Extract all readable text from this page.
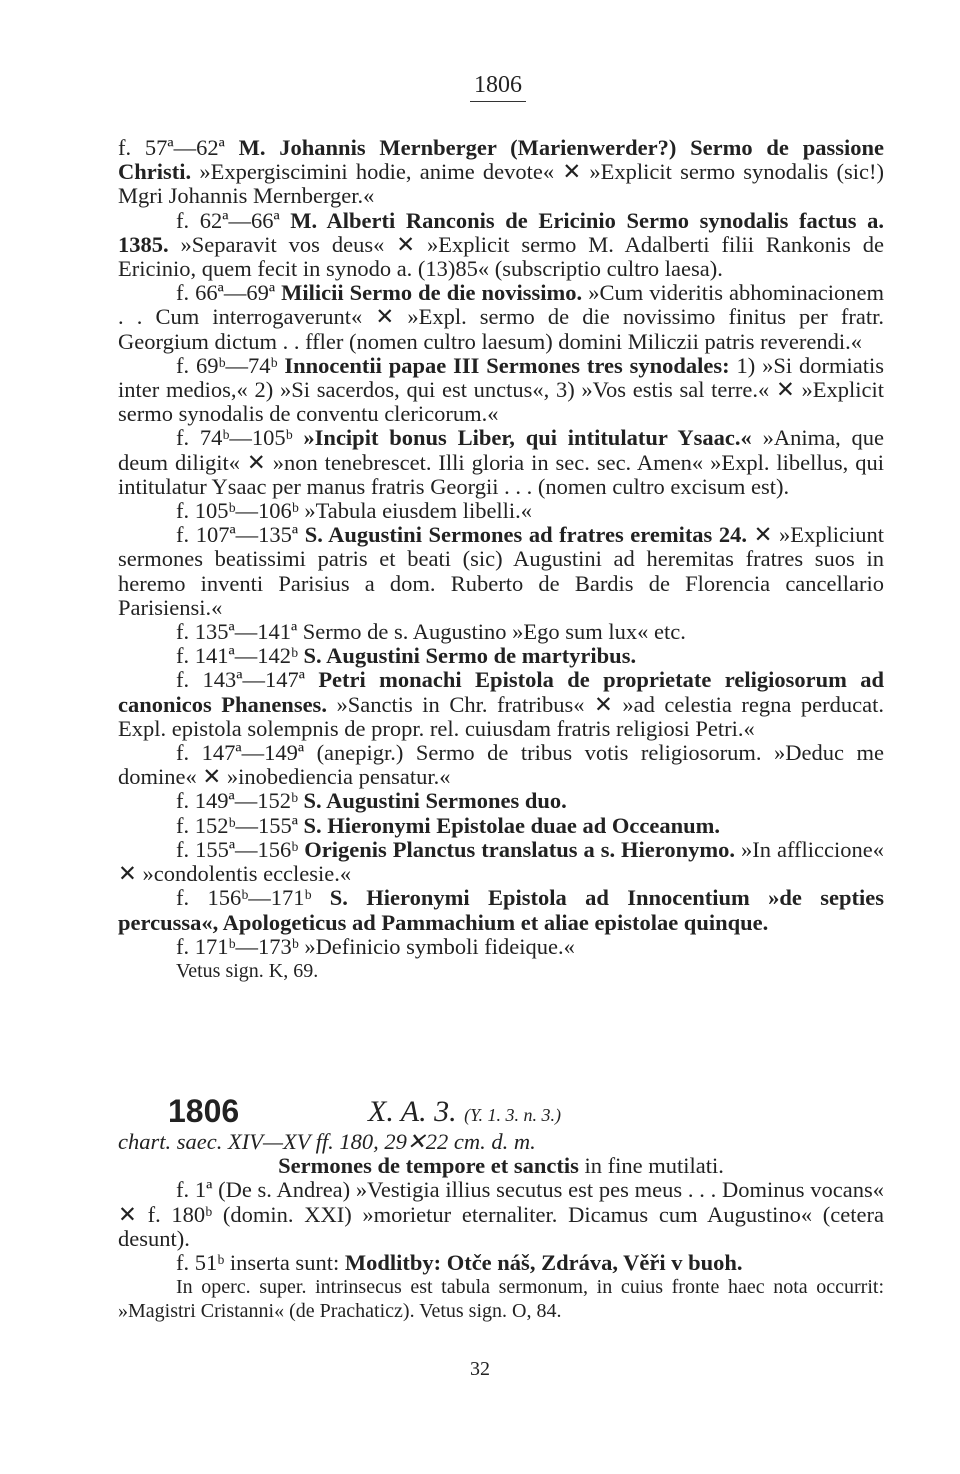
1806

f. 57ª—62ª M. Johannis Mernberger (Marienwerder?) Sermo de passione Christi. »Expergiscimini hodie, anime devote« ✕ »Explicit sermo synodalis (sic!) Mgri Johannis Mernberger.«

f. 62ª—66ª M. Alberti Ranconis de Ericinio Sermo synodalis factus a. 1385. »Separavit vos deus« ✕ »Explicit sermo M. Adalberti filii Rankonis de Ericinio, quem fecit in synodo a. (13)85« (subscriptio cultro laesa).

f. 66ª—69ª Milicii Sermo de die novissimo. »Cum videritis abhominacionem . . Cum interrogaverunt« ✕ »Expl. sermo de die novissimo finitus per fratr. Georgium dictum . . ffler (nomen cultro laesum) domini Miliczii patris reverendi.«

f. 69ᵇ—74ᵇ Innocentii papae III Sermones tres synodales: 1) »Si dormiatis inter medios,« 2) »Si sacerdos, qui est unctus«, 3) »Vos estis sal terre.« ✕ »Explicit sermo synodalis de conventu clericorum.«

f. 74ᵇ—105ᵇ »Incipit bonus Liber, qui intitulatur Ysaac.« »Anima, que deum diligit« ✕ »non tenebrescet. Illi gloria in sec. sec. Amen« »Expl. libellus, qui intitulatur Ysaac per manus fratris Georgii . . . (nomen cultro excisum est).

f. 105ᵇ—106ᵇ »Tabula eiusdem libelli.«

f. 107ª—135ª S. Augustini Sermones ad fratres eremitas 24. ✕ »Expliciunt sermones beatissimi patris et beati (sic) Augustini ad heremitas fratres suos in heremo inventi Parisius a dom. Ruberto de Bardis de Florencia cancellario Parisiensi.«

f. 135ª—141ª Sermo de s. Augustino »Ego sum lux« etc.

f. 141ª—142ᵇ S. Augustini Sermo de martyribus.

f. 143ª—147ª Petri monachi Epistola de proprietate religiosorum ad canonicos Phanenses. »Sanctis in Chr. fratribus« ✕ »ad celestia regna perducat. Expl. epistola solempnis de propr. rel. cuiusdam fratris religiosi Petri.«

f. 147ª—149ª (anepigr.) Sermo de tribus votis religiosorum. »Deduc me domine« ✕ »inobediencia pensatur.«

f. 149ª—152ᵇ S. Augustini Sermones duo.

f. 152ᵇ—155ª S. Hieronymi Epistolae duae ad Occeanum.

f. 155ª—156ᵇ Origenis Planctus translatus a s. Hieronymo. »In affliccione« ✕ »condolentis ecclesie.«

f. 156ᵇ—171ᵇ S. Hieronymi Epistola ad Innocentium »de septies percussa«, Apologeticus ad Pammachium et aliae epistolae quinque.

f. 171ᵇ—173ᵇ »Definicio symboli fideique.«

Vetus sign. K, 69.

1806	X. A. 3. (Y. 1. 3. n. 3.)

chart. saec. XIV—XV ff. 180, 29✕22 cm. d. m.

Sermones de tempore et sanctis in fine mutilati.

f. 1ª (De s. Andrea) »Vestigia illius secutus est pes meus . . . Dominus vocans« ✕ f. 180ᵇ (domin. XXI) »morietur eternaliter. Dicamus cum Augustino« (cetera desunt).

f. 51ᵇ inserta sunt: Modlitby: Otče náš, Zdráva, Věři v buoh.

In operc. super. intrinsecus est tabula sermonum, in cuius fronte haec nota occurrit: »Magistri Cristanni« (de Prachaticz). Vetus sign. O, 84.

32
